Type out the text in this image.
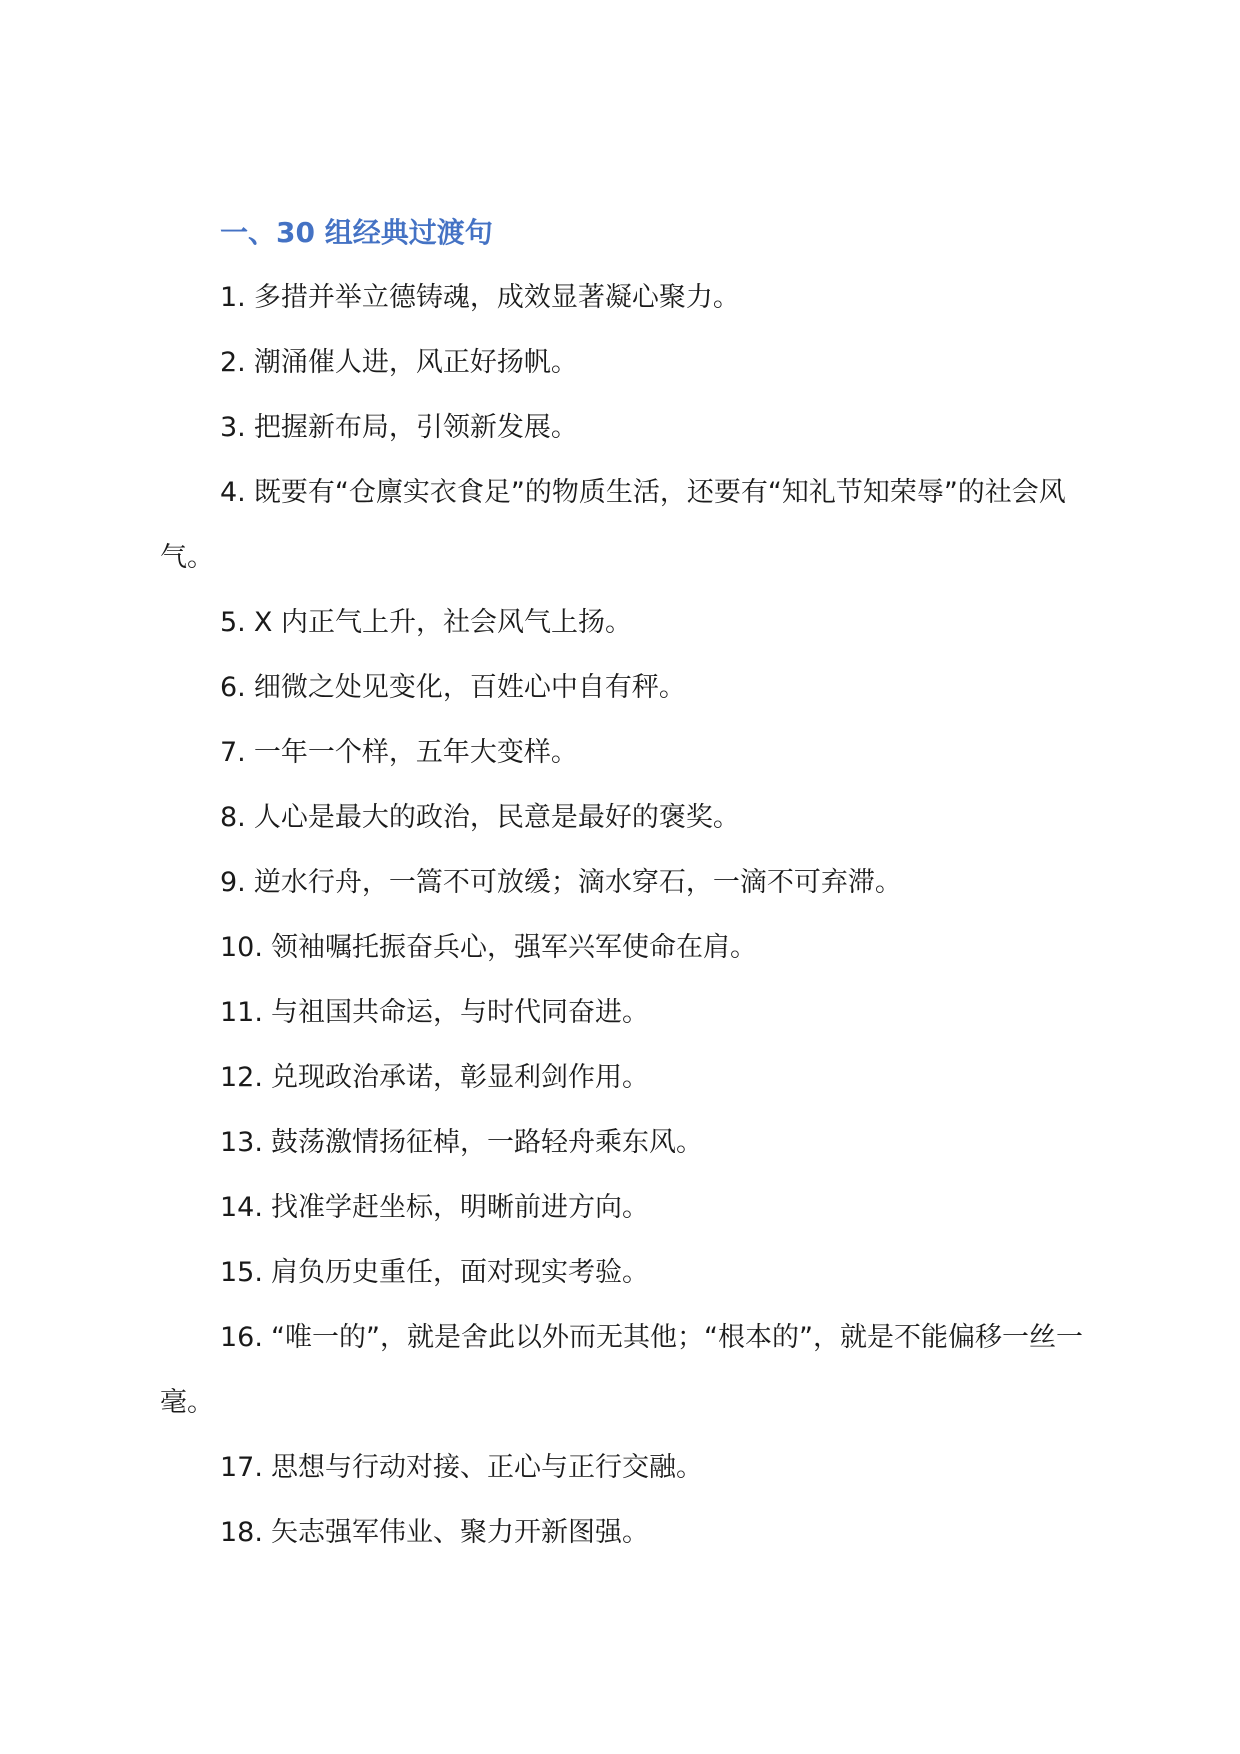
一、30 组经典过渡句
1. 多措并举立德铸魂，成效显著凝心聚力。
2. 潮涌催人进，风正好扬帆。
3. 把握新布局，引领新发展。
4. 既要有“仓廪实衣食足”的物质生活，还要有“知礼节知荣辱”的社会风气。
5. X 内正气上升，社会风气上扬。
6. 细微之处见变化，百姓心中自有秤。
7. 一年一个样，五年大变样。
8. 人心是最大的政治，民意是最好的褒奖。
9. 逆水行舟，一篙不可放缓；滴水穿石，一滴不可弃滞。
10. 领袖嘱托振奋兵心，强军兴军使命在肩。
11. 与祖国共命运，与时代同奋进。
12. 兑现政治承诺，彰显利剑作用。
13. 鼓荡激情扬征棹，一路轻舟乘东风。
14. 找准学赶坐标，明晰前进方向。
15. 肩负历史重任，面对现实考验。
16. “唯一的”，就是舍此以外而无其他；“根本的”，就是不能偏移一丝一毫。
17. 思想与行动对接、正心与正行交融。
18. 矢志强军伟业、聚力开新图强。
